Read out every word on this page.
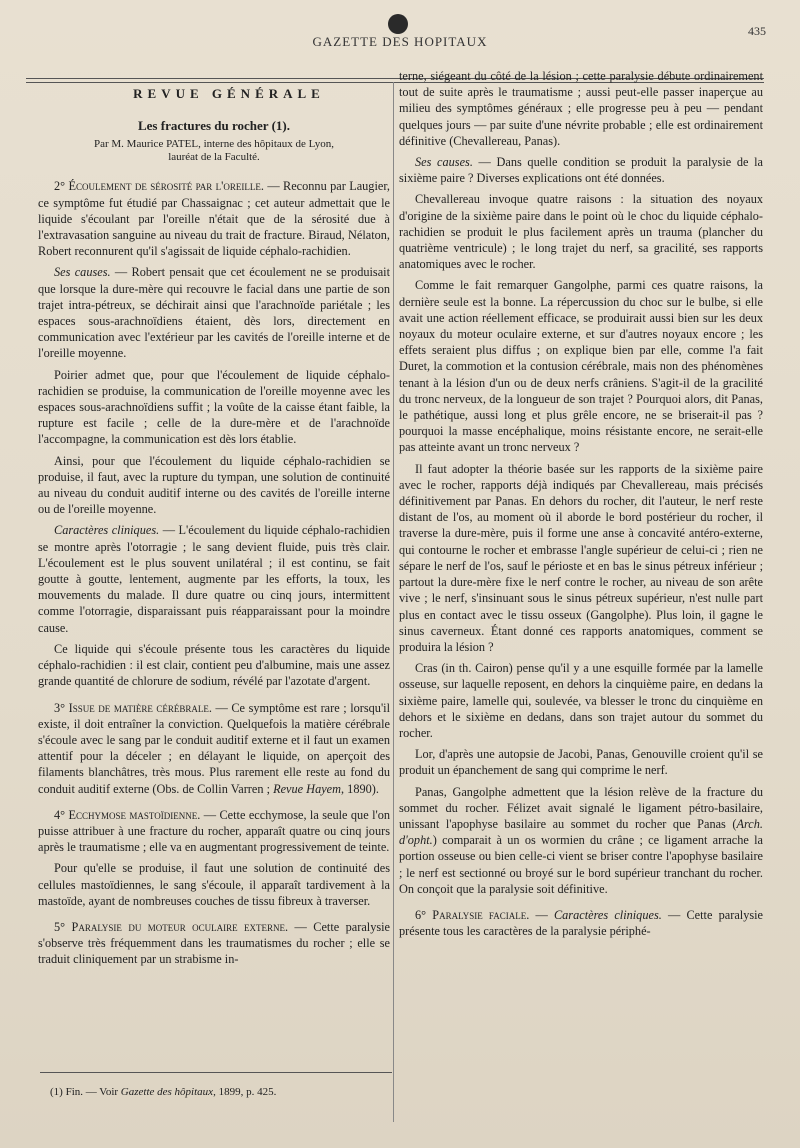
GAZETTE DES HOPITAUX
435
REVUE GÉNÉRALE
Les fractures du rocher (1).
Par M. Maurice PATEL, interne des hôpitaux de Lyon,
lauréat de la Faculté.

2° Écoulement de sérosité par l'oreille. — Reconnu par Laugier, ce symptôme fut étudié par Chassaignac ; cet auteur admettait que le liquide s'écoulant par l'oreille n'était que de la sérosité due à l'extravasation sanguine au niveau du trait de fracture. Biraud, Nélaton, Robert reconnurent qu'il s'agissait de liquide céphalo-rachidien.

Ses causes. — Robert pensait que cet écoulement ne se produisait que lorsque la dure-mère qui recouvre le facial dans une partie de son trajet intra-pétreux, se déchirait ainsi que l'arachnoïde pariétale ; les espaces sous-arachnoïdiens étaient, dès lors, directement en communication avec l'extérieur par les cavités de l'oreille interne et de l'oreille moyenne.

Poirier admet que, pour que l'écoulement de liquide céphalo-rachidien se produise, la communication de l'oreille moyenne avec les espaces sous-arachnoïdiens suffit ; la voûte de la caisse étant faible, la rupture est facile ; celle de la dure-mère et de l'arachnoïde l'accompagne, la communication est dès lors établie.

Ainsi, pour que l'écoulement du liquide céphalo-rachidien se produise, il faut, avec la rupture du tympan, une solution de continuité au niveau du conduit auditif interne ou des cavités de l'oreille interne ou de l'oreille moyenne.

Caractères cliniques. — L'écoulement du liquide céphalo-rachidien se montre après l'otorragie ; le sang devient fluide, puis très clair. L'écoulement est le plus souvent unilatéral ; il est continu, se fait goutte à goutte, lentement, augmente par les efforts, la toux, les mouvements du malade. Il dure quatre ou cinq jours, intermittent comme l'otorragie, disparaissant puis réapparaissant pour la moindre cause.

Ce liquide qui s'écoule présente tous les caractères du liquide céphalo-rachidien : il est clair, contient peu d'albumine, mais une assez grande quantité de chlorure de sodium, révélé par l'azotate d'argent.

3° Issue de matière cérébrale. — Ce symptôme est rare ; lorsqu'il existe, il doit entraîner la conviction. Quelquefois la matière cérébrale s'écoule avec le sang par le conduit auditif externe et il faut un examen attentif pour la déceler ; en délayant le liquide, on aperçoit des filaments blanchâtres, très mous. Plus rarement elle reste au fond du conduit auditif externe (Obs. de Collin Varren ; Revue Hayem, 1890).

4° Ecchymose mastoïdienne. — Cette ecchymose, la seule que l'on puisse attribuer à une fracture du rocher, apparaît quatre ou cinq jours après le traumatisme ; elle va en augmentant progressivement de teinte.

Pour qu'elle se produise, il faut une solution de continuité des cellules mastoïdiennes, le sang s'écoule, il apparaît tardivement à la mastoïde, ayant de nombreuses couches de tissu fibreux à traverser.

5° Paralysie du moteur oculaire externe. — Cette paralysie s'observe très fréquemment dans les traumatismes du rocher ; elle se traduit cliniquement par un strabisme in-

(1) Fin. — Voir Gazette des hôpitaux, 1899, p. 425.

terne, siégeant du côté de la lésion ; cette paralysie débute ordinairement tout de suite après le traumatisme ; aussi peut-elle passer inaperçue au milieu des symptômes généraux ; elle progresse peu à peu — pendant quelques jours — par suite d'une névrite probable ; elle est ordinairement définitive (Chevallereau, Panas).

Ses causes. — Dans quelle condition se produit la paralysie de la sixième paire ? Diverses explications ont été données.

Chevallereau invoque quatre raisons : la situation des noyaux d'origine de la sixième paire dans le point où le choc du liquide céphalo-rachidien se produit le plus facilement après un trauma (plancher du quatrième ventricule) ; le long trajet du nerf, sa gracilité, ses rapports anatomiques avec le rocher.

Comme le fait remarquer Gangolphe, parmi ces quatre raisons, la dernière seule est la bonne. La répercussion du choc sur le bulbe, si elle avait une action réellement efficace, se produirait aussi bien sur les deux noyaux du moteur oculaire externe, et sur d'autres noyaux encore ; les effets seraient plus diffus ; on explique bien par elle, comme l'a fait Duret, la commotion et la contusion cérébrale, mais non des phénomènes tenant à la lésion d'un ou de deux nerfs crâniens. S'agit-il de la gracilité du tronc nerveux, de la longueur de son trajet ? Pourquoi alors, dit Panas, le pathétique, aussi long et plus grêle encore, ne se briserait-il pas ? pourquoi la masse encéphalique, moins résistante encore, ne serait-elle pas atteinte avant un tronc nerveux ?

Il faut adopter la théorie basée sur les rapports de la sixième paire avec le rocher, rapports déjà indiqués par Chevallereau, mais précisés définitivement par Panas. En dehors du rocher, dit l'auteur, le nerf reste distant de l'os, au moment où il aborde le bord postérieur du rocher, il traverse la dure-mère, puis il forme une anse à concavité antéro-externe, qui contourne le rocher et embrasse l'angle supérieur de celui-ci ; rien ne sépare le nerf de l'os, sauf le périoste et en bas le sinus pétreux inférieur ; partout la dure-mère fixe le nerf contre le rocher, au niveau de son arête vive ; le nerf, s'insinuant sous le sinus pétreux supérieur, n'est nulle part plus en contact avec le tissu osseux (Gangolphe). Plus loin, il gagne le sinus caverneux. Étant donné ces rapports anatomiques, comment se produira la lésion ?

Cras (in th. Cairon) pense qu'il y a une esquille formée par la lamelle osseuse, sur laquelle reposent, en dehors la cinquième paire, en dedans la sixième paire, lamelle qui, soulevée, va blesser le tronc du cinquième en dehors et le sixième en dedans, dans son trajet autour du sommet du rocher.

Lor, d'après une autopsie de Jacobi, Panas, Genouville croient qu'il se produit un épanchement de sang qui comprime le nerf.

Panas, Gangolphe admettent que la lésion relève de la fracture du sommet du rocher. Félizet avait signalé le ligament pétro-basilaire, unissant l'apophyse basilaire au sommet du rocher que Panas (Arch. d'opht.) comparait à un os wormien du crâne ; ce ligament arrache la portion osseuse ou bien celle-ci vient se briser contre l'apophyse basilaire ; le nerf est sectionné ou broyé sur le bord supérieur tranchant du rocher. On conçoit que la paralysie soit définitive.

6° Paralysie faciale. — Caractères cliniques. — Cette paralysie présente tous les caractères de la paralysie périphé-
